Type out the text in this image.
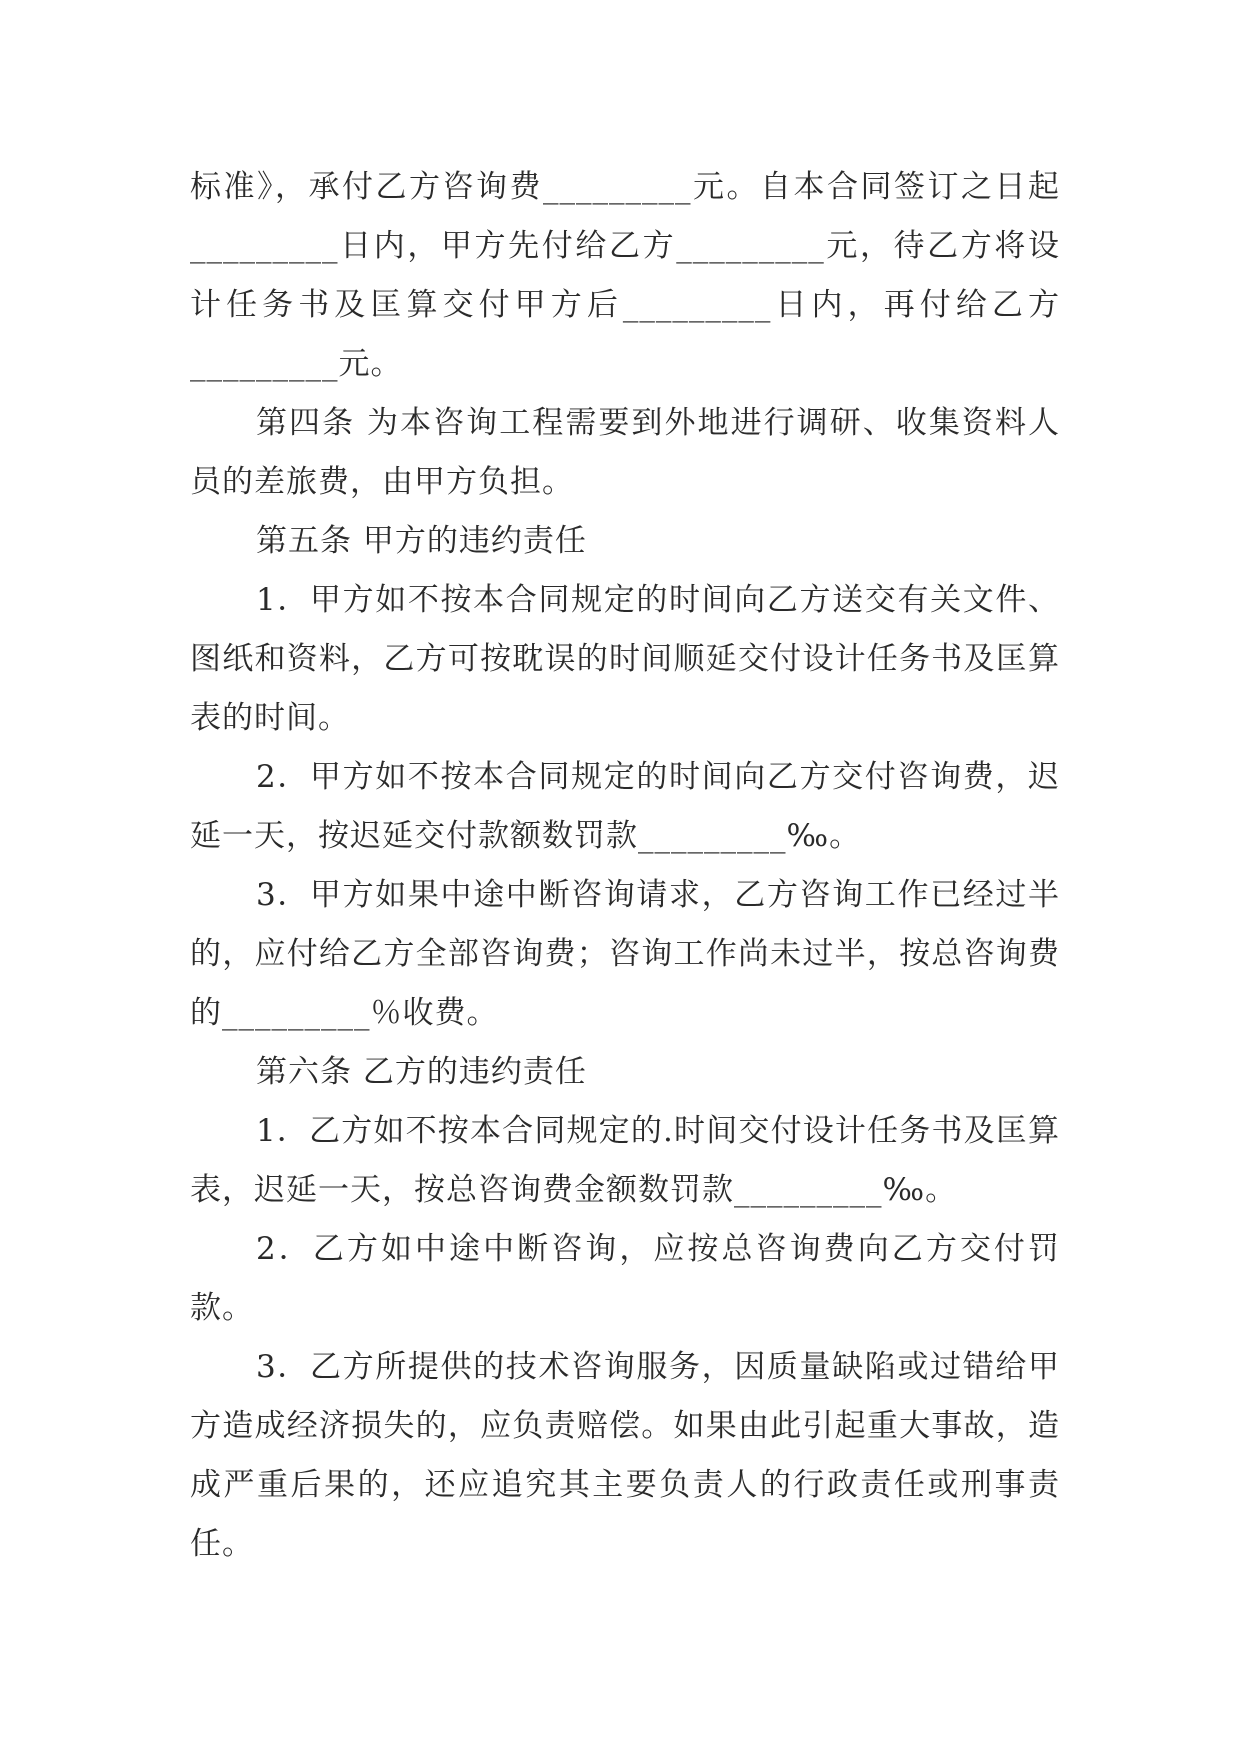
标准》，承付乙方咨询费_________元。自本合同签订之日起_________日内，甲方先付给乙方_________元，待乙方将设计任务书及匡算交付甲方后_________日内，再付给乙方_________元。

第四条 为本咨询工程需要到外地进行调研、收集资料人员的差旅费，由甲方负担。

第五条 甲方的违约责任

1．甲方如不按本合同规定的时间向乙方送交有关文件、图纸和资料，乙方可按耽误的时间顺延交付设计任务书及匡算表的时间。

2．甲方如不按本合同规定的时间向乙方交付咨询费，迟延一天，按迟延交付款额数罚款_________‰。

3．甲方如果中途中断咨询请求，乙方咨询工作已经过半的，应付给乙方全部咨询费；咨询工作尚未过半，按总咨询费的_________％收费。

第六条 乙方的违约责任

1．乙方如不按本合同规定的.时间交付设计任务书及匡算表，迟延一天，按总咨询费金额数罚款_________‰。

2．乙方如中途中断咨询，应按总咨询费向乙方交付罚款。

3．乙方所提供的技术咨询服务，因质量缺陷或过错给甲方造成经济损失的，应负责赔偿。如果由此引起重大事故，造成严重后果的，还应追究其主要负责人的行政责任或刑事责任。
